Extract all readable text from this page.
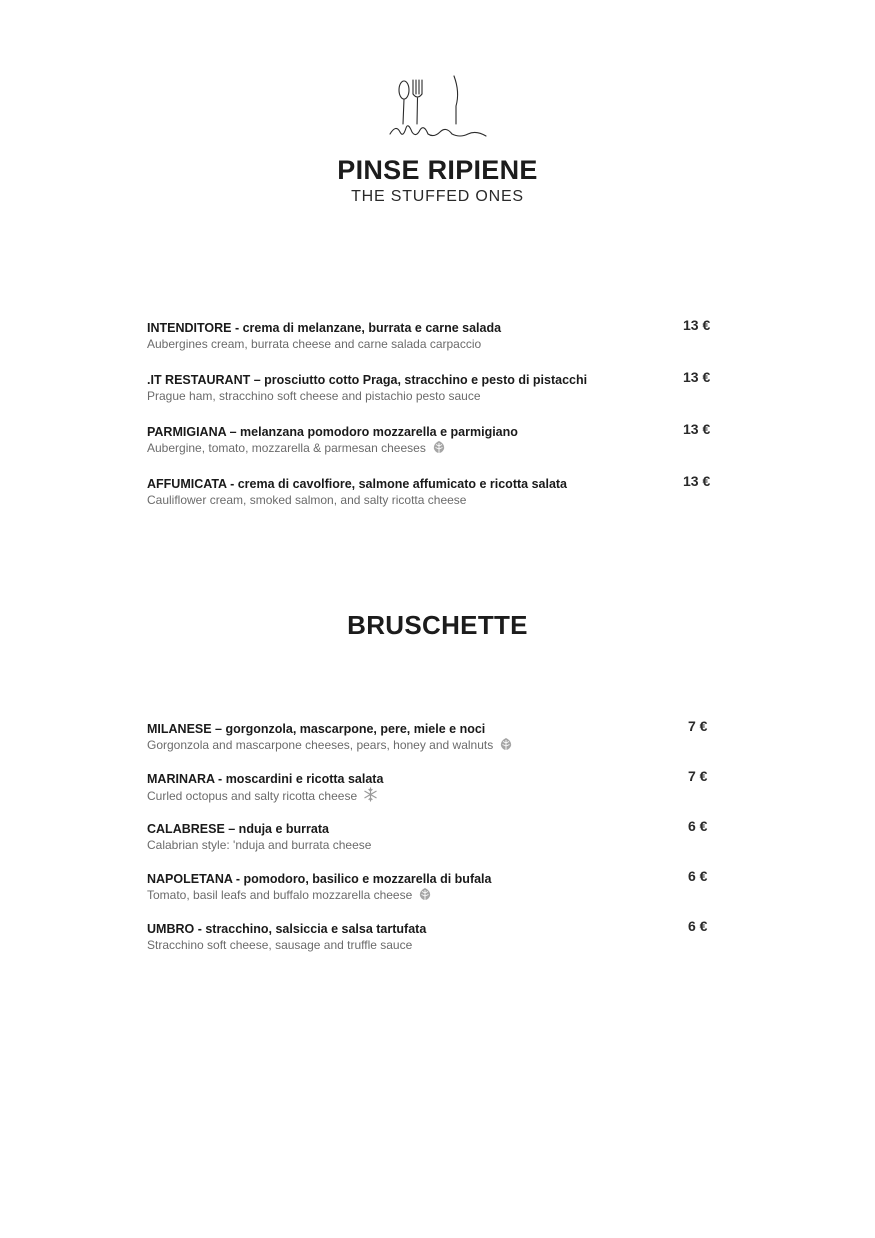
PINSE RIPIENE
THE STUFFED ONES
INTENDITORE - crema di melanzane, burrata e carne salada
Aubergines cream, burrata cheese and carne salada carpaccio
13 €
.IT RESTAURANT – prosciutto cotto Praga, stracchino e pesto di pistacchi
Prague ham, stracchino soft cheese and pistachio pesto sauce
13 €
PARMIGIANA – melanzana pomodoro mozzarella e parmigiano
Aubergine, tomato, mozzarella & parmesan cheeses
13 €
AFFUMICATA - crema di cavolfiore, salmone affumicato e ricotta salata
Cauliflower cream, smoked salmon, and salty ricotta cheese
13 €
BRUSCHETTE
MILANESE – gorgonzola, mascarpone, pere, miele e noci
Gorgonzola and mascarpone cheeses, pears, honey and walnuts
7 €
MARINARA - moscardini e ricotta salata
Curled octopus and salty ricotta cheese
7 €
CALABRESE – nduja e burrata
Calabrian style: 'nduja and burrata cheese
6 €
NAPOLETANA - pomodoro, basilico e mozzarella di bufala
Tomato, basil leafs and buffalo mozzarella cheese
6 €
UMBRO - stracchino, salsiccia e salsa tartufata
Stracchino soft cheese, sausage and truffle sauce
6 €
